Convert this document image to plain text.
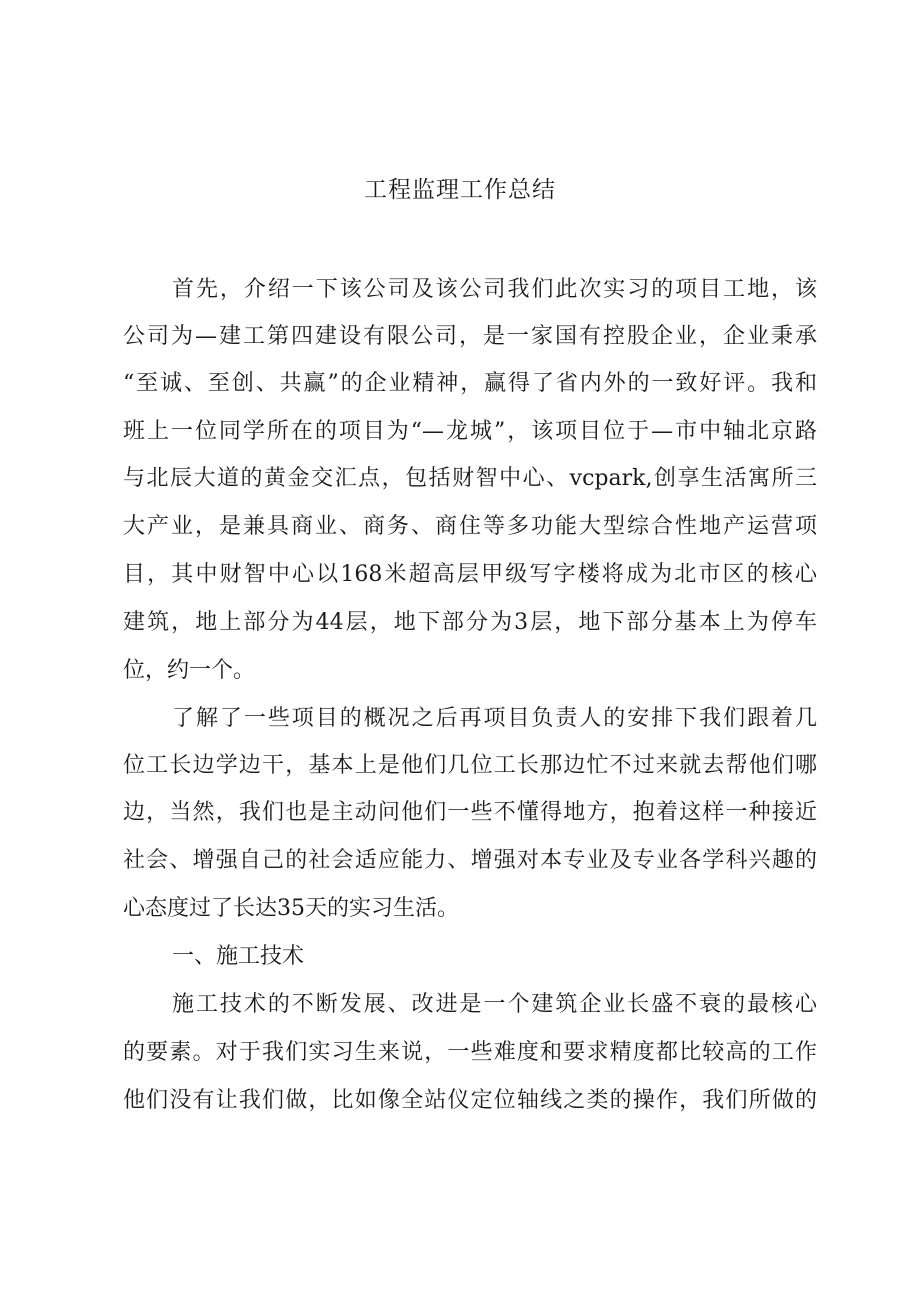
工程监理工作总结
首先，介绍一下该公司及该公司我们此次实习的项目工地，该
公司为—建工第四建设有限公司，是一家国有控股企业，企业秉承
“至诚、至创、共赢”的企业精神，赢得了省内外的一致好评。我和
班上一位同学所在的项目为“—龙城”，该项目位于—市中轴北京路
与北辰大道的黄金交汇点，包括财智中心、vcpark,创享生活寓所三
大产业，是兼具商业、商务、商住等多功能大型综合性地产运营项
目，其中财智中心以168米超高层甲级写字楼将成为北市区的核心
建筑，地上部分为44层，地下部分为3层，地下部分基本上为停车
位，约一个。
了解了一些项目的概况之后再项目负责人的安排下我们跟着几
位工长边学边干，基本上是他们几位工长那边忙不过来就去帮他们哪
边，当然，我们也是主动问他们一些不懂得地方，抱着这样一种接近
社会、增强自己的社会适应能力、增强对本专业及专业各学科兴趣的
心态度过了长达35天的实习生活。
一、施工技术
施工技术的不断发展、改进是一个建筑企业长盛不衰的最核心
的要素。对于我们实习生来说，一些难度和要求精度都比较高的工作
他们没有让我们做，比如像全站仪定位轴线之类的操作，我们所做的
